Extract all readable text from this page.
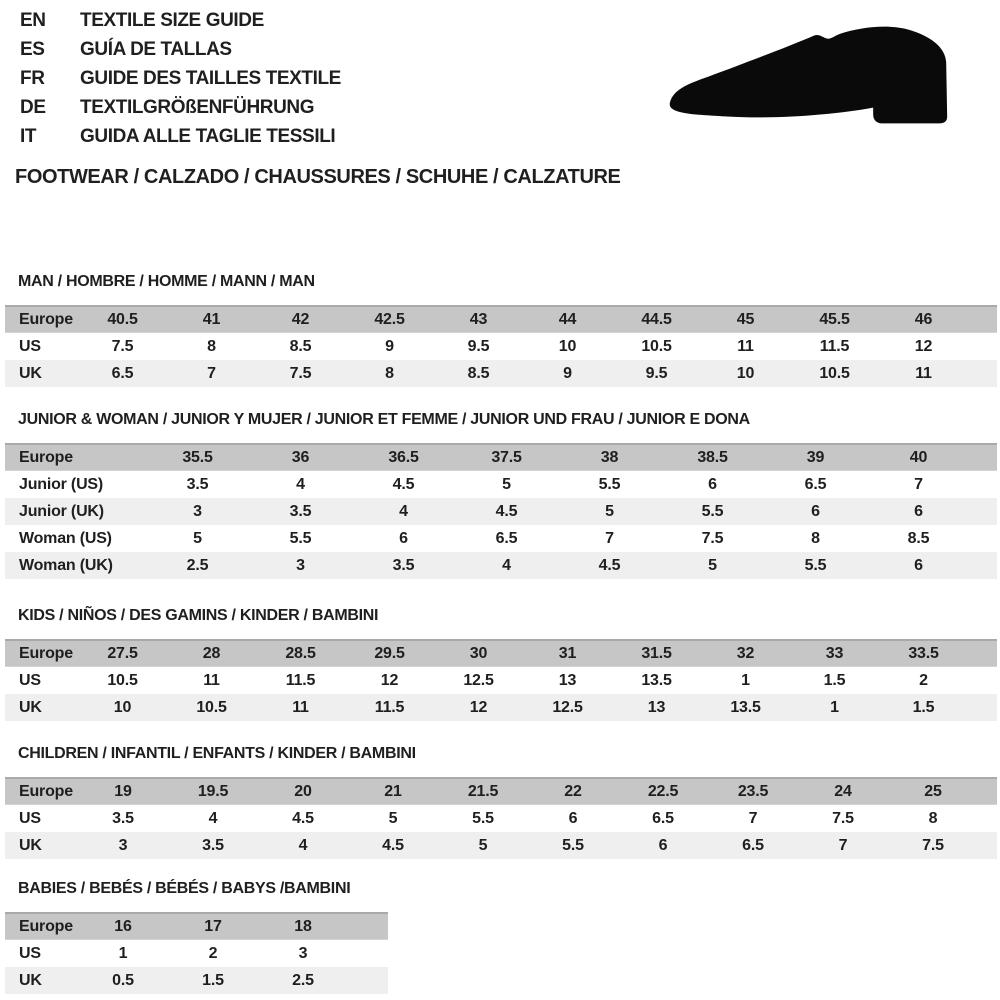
EN	TEXTILE SIZE GUIDE
ES	GUÍA DE TALLAS
FR	GUIDE DES TAILLES TEXTILE
DE	TEXTILGRÖßENFÜHRUNG
IT	GUIDA ALLE TAGLIE TESSILI
FOOTWEAR / CALZADO / CHAUSSURES / SCHUHE / CALZATURE
MAN / HOMBRE / HOMME / MANN / MAN
Europe	40.5	41	42	42.5	43	44	44.5	45	45.5	46	
US	7.5	8	8.5	9	9.5	10	10.5	11	11.5	12	
UK	6.5	7	7.5	8	8.5	9	9.5	10	10.5	11	
JUNIOR & WOMAN / JUNIOR Y MUJER / JUNIOR ET FEMME / JUNIOR UND FRAU / JUNIOR E DONA
Europe	35.5	36	36.5	37.5	38	38.5	39	40	
Junior (US)	3.5	4	4.5	5	5.5	6	6.5	7	
Junior (UK)	3	3.5	4	4.5	5	5.5	6	6	
Woman (US)	5	5.5	6	6.5	7	7.5	8	8.5	
Woman (UK)	2.5	3	3.5	4	4.5	5	5.5	6	
KIDS / NIÑOS / DES GAMINS / KINDER / BAMBINI
Europe	27.5	28	28.5	29.5	30	31	31.5	32	33	33.5	
US	10.5	11	11.5	12	12.5	13	13.5	1	1.5	2	
UK	10	10.5	11	11.5	12	12.5	13	13.5	1	1.5	
CHILDREN / INFANTIL / ENFANTS / KINDER / BAMBINI
Europe	19	19.5	20	21	21.5	22	22.5	23.5	24	25	
US	3.5	4	4.5	5	5.5	6	6.5	7	7.5	8	
UK	3	3.5	4	4.5	5	5.5	6	6.5	7	7.5	
BABIES / BEBÉS / BÉBÉS / BABYS /BAMBINI
Europe	16	17	18	
US	1	2	3	
UK	0.5	1.5	2.5	
